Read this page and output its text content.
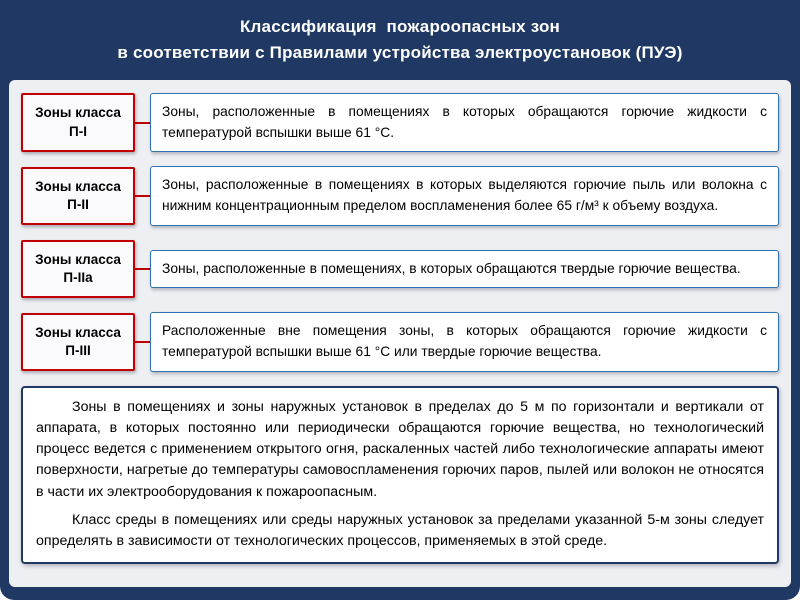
Классификация  пожароопасных зон
в соответствии с Правилами устройства электроустановок (ПУЭ)
Зоны класса
П-I
Зоны, расположенные в помещениях в которых обращаются горючие жидкости с температурой вспышки выше 61 °С.
Зоны класса
П-II
Зоны, расположенные в помещениях в которых выделяются горючие пыль или волокна с нижним концентрационным пределом воспламенения более 65 г/м³ к объему воздуха.
Зоны класса
П-IIа
Зоны, расположенные в помещениях, в которых обращаются твердые горючие вещества.
Зоны класса
П-III
Расположенные вне помещения зоны, в которых обращаются горючие жидкости с температурой вспышки выше 61 °С или твердые горючие вещества.

Зоны в помещениях и зоны наружных установок в пределах до 5 м по горизонтали и вертикали от аппарата, в которых постоянно или периодически обращаются горючие вещества, но технологический процесс ведется с применением открытого огня, раскаленных частей либо технологические аппараты имеют поверхности, нагретые до температуры самовоспламенения горючих паров, пылей или волокон не относятся в части их электрооборудования к пожароопасным.

Класс среды в помещениях или среды наружных установок за пределами указанной 5-м зоны следует определять в зависимости от технологических процессов, применяемых в этой среде.
